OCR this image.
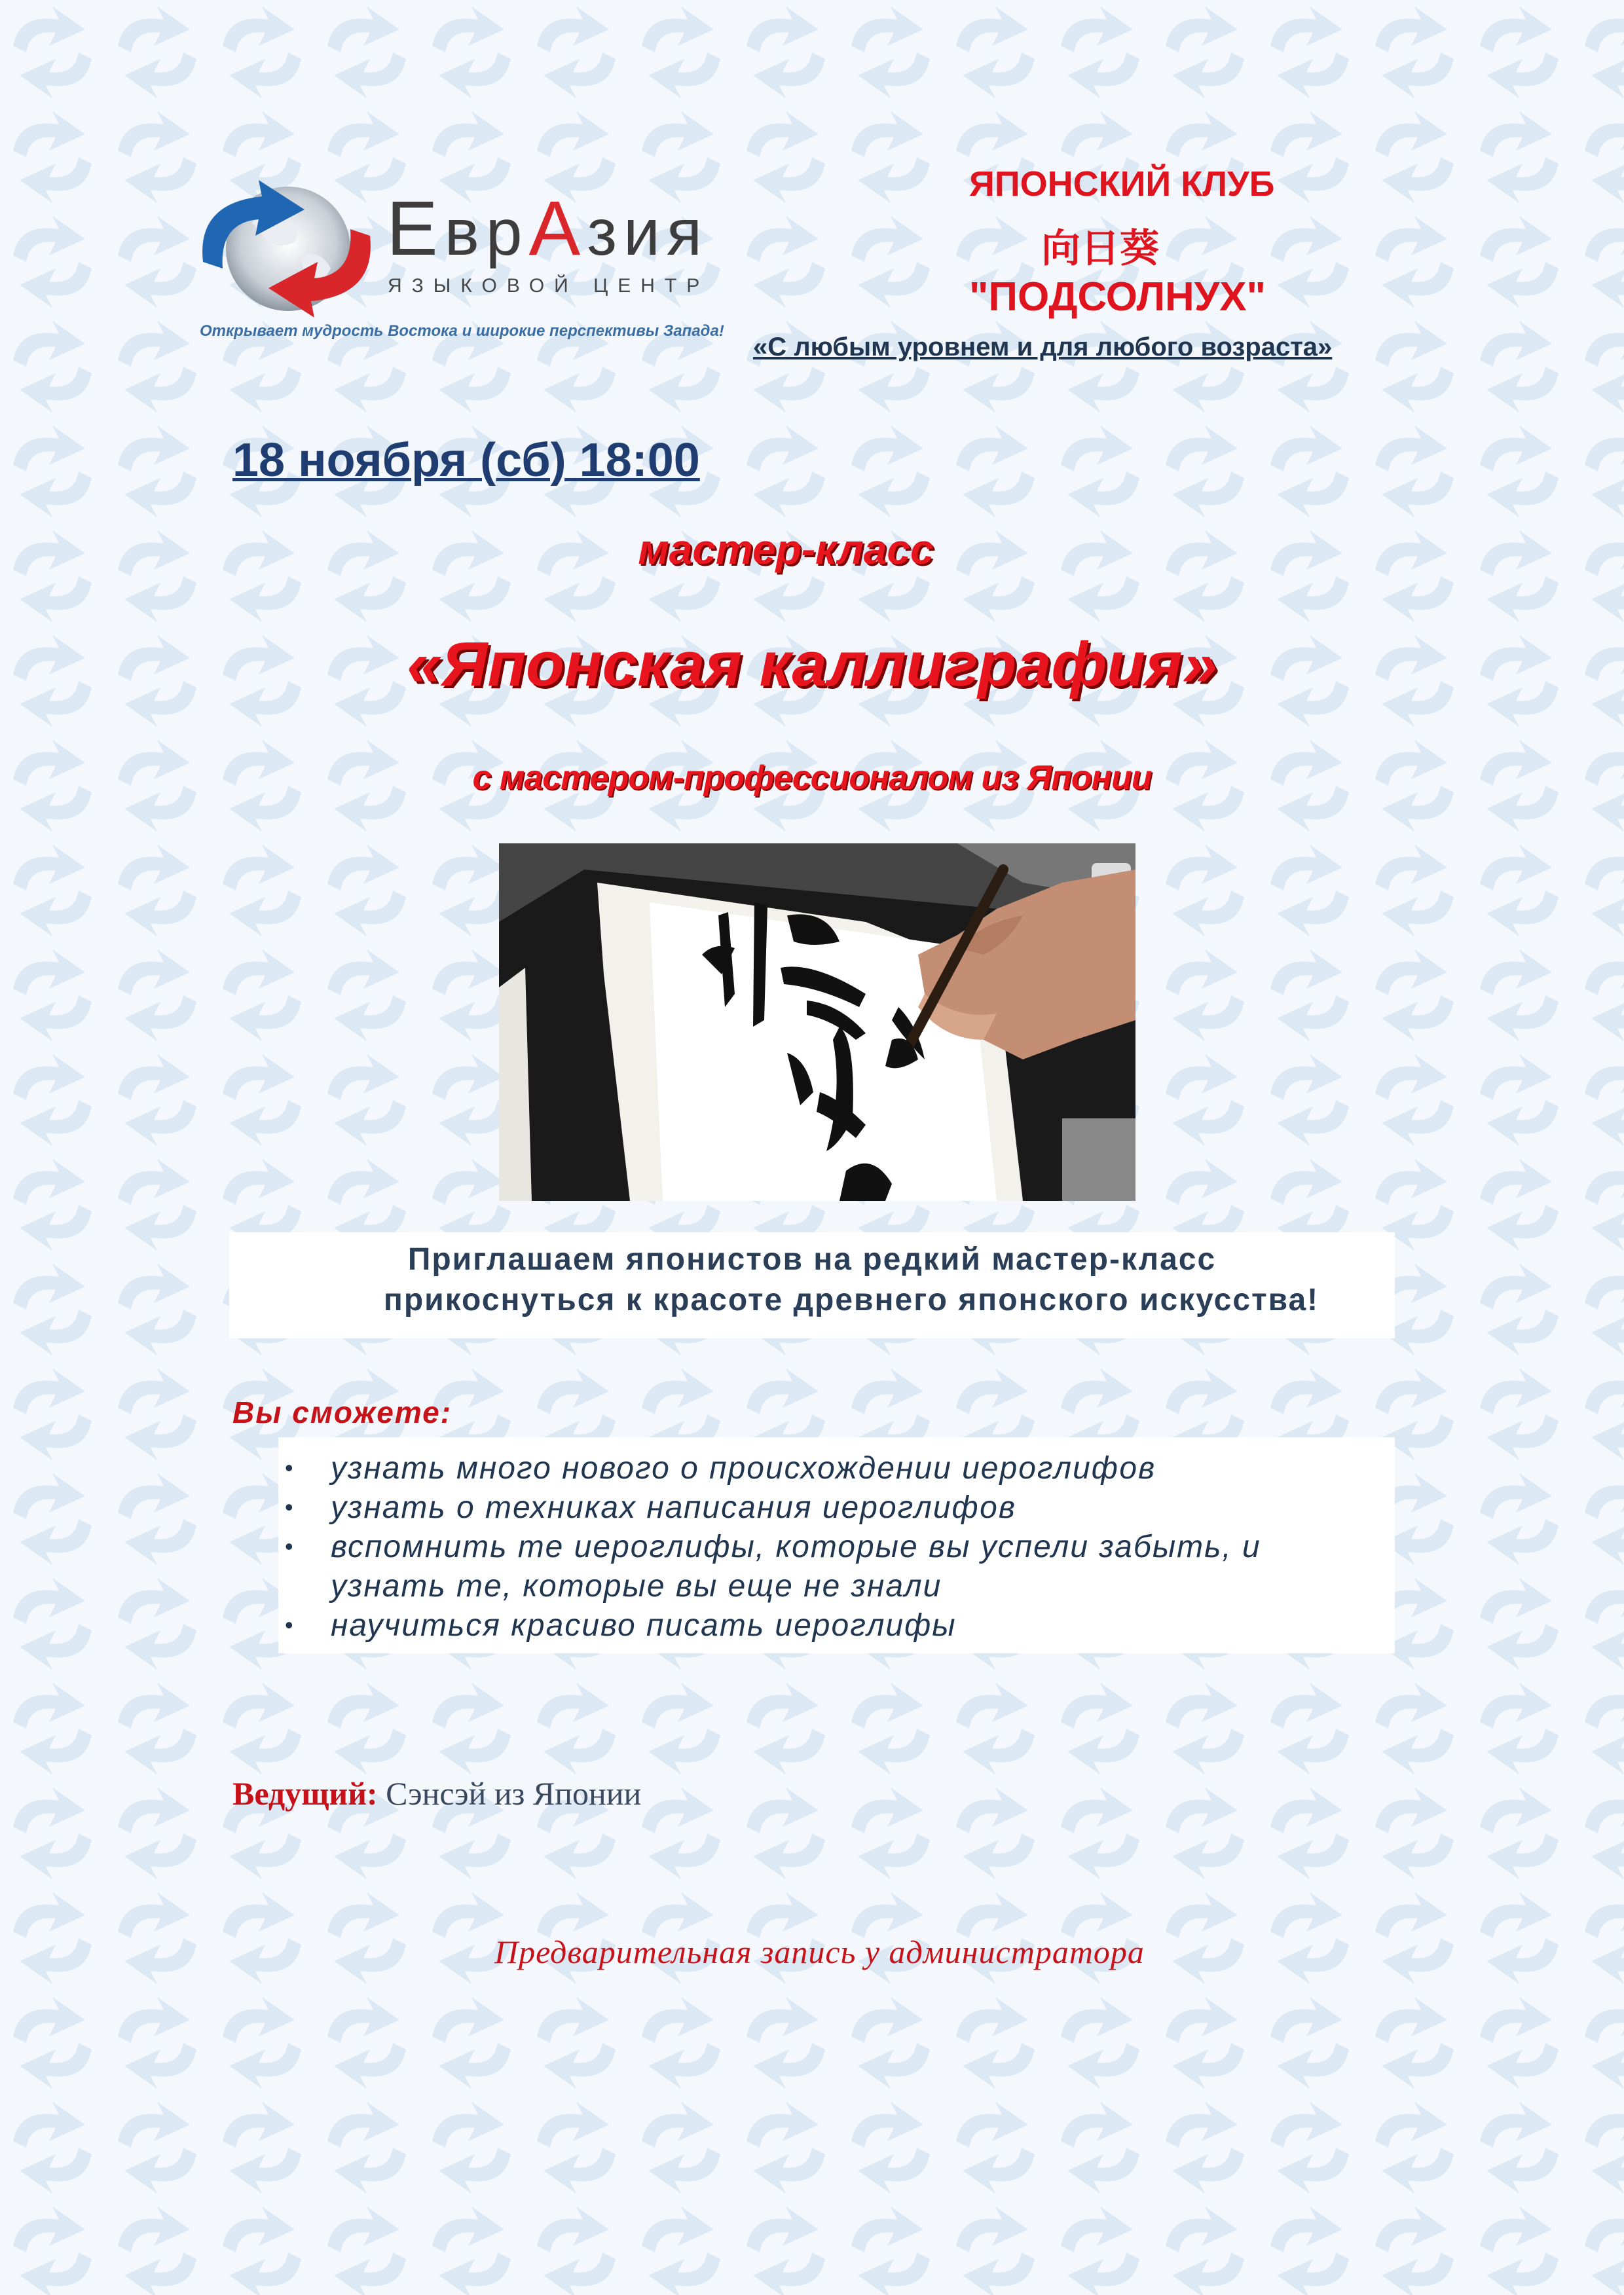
ЕврАзия
ЯЗЫКОВОЙ ЦЕНТР
Открывает мудрость Востока и широкие перспективы Запада!
ЯПОНСКИЙ КЛУБ
向日葵
"ПОДСОЛНУХ"
«С любым уровнем и для любого возраста»
18 ноября (сб) 18:00
мастер-класс
«Японская каллиграфия»
с мастером-профессионалом из Японии
Приглашаем японистов на редкий мастер-класс
прикоснуться к красоте древнего японского искусства!
Вы сможете:
• узнать много нового о происхождении иероглифов
• узнать о техниках написания иероглифов
• вспомнить те иероглифы, которые вы успели забыть, и
узнать те, которые вы еще не знали
• научиться красиво писать иероглифы
Ведущий: Сэнсэй из Японии
Предварительная запись у администратора
